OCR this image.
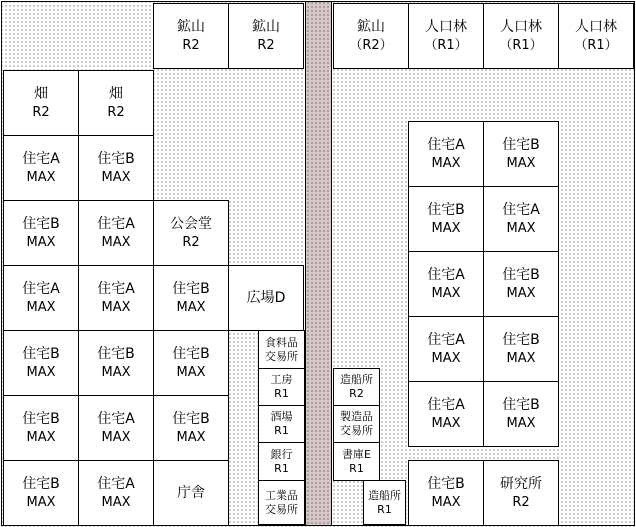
鉱山
R2
鉱山
R2
鉱山
（R2）
人口林
（R1）
人口林
（R1）
人口林
（R1）
畑
R2
畑
R2
住宅A
MAX
住宅B
MAX
住宅B
MAX
住宅A
MAX
公会堂
R2
住宅A
MAX
住宅A
MAX
住宅B
MAX
広場D
住宅B
MAX
住宅B
MAX
住宅B
MAX
住宅B
MAX
住宅A
MAX
住宅B
MAX
住宅B
MAX
住宅A
MAX
庁舎
食料品
交易所
工房
R1
酒場
R1
銀行
R1
工業品
交易所
造船所
R2
製造品
交易所
書庫E
R1
造船所
R1
住宅A
MAX
住宅B
MAX
住宅B
MAX
住宅A
MAX
住宅A
MAX
住宅B
MAX
住宅A
MAX
住宅B
MAX
住宅A
MAX
住宅B
MAX
住宅B
MAX
研究所
R2
